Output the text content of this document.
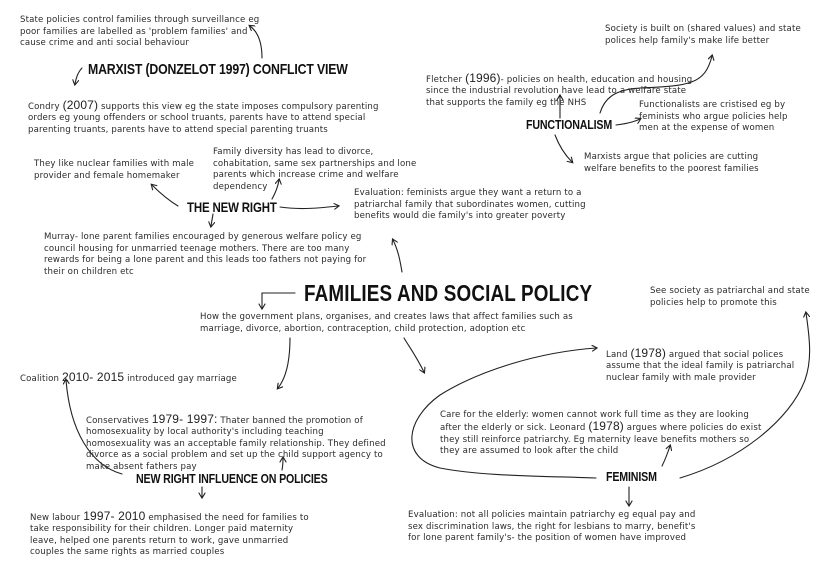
State policies control families through surveillance eg poor families are labelled as 'problem families' and cause crime and anti social behaviour
MARXIST (DONZELOT 1997) CONFLICT VIEW

Condry (2007) supports this view eg the state imposes compulsory parenting orders eg young offenders or school truants, parents have to attend special parenting truants, parents have to attend special parenting truants

Society is built on (shared values) and state polices help family's make life better

Fletcher (1996)- policies on health, education and housing since the industrial revolution have lead to a welfare state that supports the family eg the NHS

FUNCTIONALISM
Functionalists are cristised eg by feminists who argue policies help men at the expense of women
Marxists argue that policies are cutting welfare benefits to the poorest families
They like nuclear families with male provider and female homemaker
Family diversity has lead to divorce, cohabitation, same sex partnerships and lone parents which increase crime and welfare dependency
THE NEW RIGHT
Evaluation: feminists argue they want a return to a patriarchal family that subordinates women, cutting benefits would die family's into greater poverty
Murray- lone parent families encouraged by generous welfare policy eg council housing for unmarried teenage mothers. There are too many rewards for being a lone parent and this leads too fathers not paying for their on children etc
FAMILIES AND SOCIAL POLICY
How the government plans, organises, and creates laws that affect families such as marriage, divorce, abortion, contraception, child protection, adoption etc

Coalition 2010- 2015 introduced gay marriage

Conservatives 1979- 1997: Thater banned the promotion of homosexuality by local authority's including teaching homosexuality was an acceptable family relationship. They defined divorce as a social problem and set up the child support agency to make absent fathers pay

NEW RIGHT INFLUENCE ON POLICIES

New labour 1997- 2010 emphasised the need for families to take responsibility for their children. Longer paid maternity leave, helped one parents return to work, gave unmarried couples the same rights as married couples

See society as patriarchal and state policies help to promote this

Land (1978) argued that social polices assume that the ideal family is patriarchal nuclear family with male provider

Care for the elderly: women cannot work full time as they are looking after the elderly or sick. Leonard (1978) argues where policies do exist they still reinforce patriarchy. Eg maternity leave benefits mothers so they are assumed to look after the child

FEMINISM
Evaluation: not all policies maintain patriarchy eg equal pay and sex discrimination laws, the right for lesbians to marry, benefit's for lone parent family's- the position of women have improved
